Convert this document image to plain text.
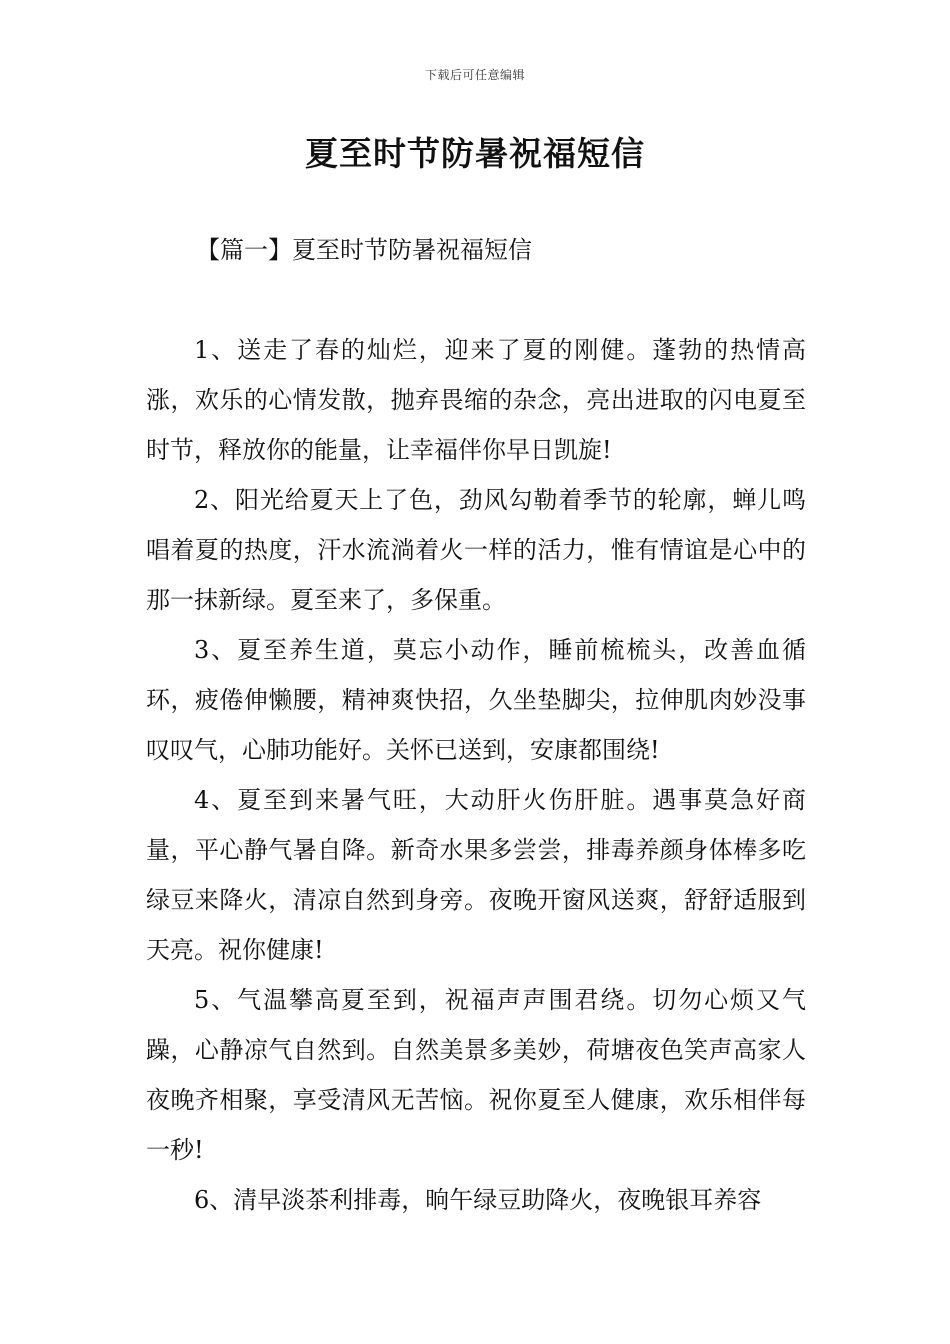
下载后可任意编辑
夏至时节防暑祝福短信
【篇一】夏至时节防暑祝福短信

1、送走了春的灿烂，迎来了夏的刚健。蓬勃的热情高涨，欢乐的心情发散，抛弃畏缩的杂念，亮出进取的闪电夏至时节，释放你的能量，让幸福伴你早日凯旋!

2、阳光给夏天上了色，劲风勾勒着季节的轮廓，蝉儿鸣唱着夏的热度，汗水流淌着火一样的活力，惟有情谊是心中的那一抹新绿。夏至来了，多保重。

3、夏至养生道，莫忘小动作，睡前梳梳头，改善血循环，疲倦伸懒腰，精神爽快招，久坐垫脚尖，拉伸肌肉妙没事叹叹气，心肺功能好。关怀已送到，安康都围绕!

4、夏至到来暑气旺，大动肝火伤肝脏。遇事莫急好商量，平心静气暑自降。新奇水果多尝尝，排毒养颜身体棒多吃绿豆来降火，清凉自然到身旁。夜晚开窗风送爽，舒舒适服到天亮。祝你健康!

5、气温攀高夏至到，祝福声声围君绕。切勿心烦又气躁，心静凉气自然到。自然美景多美妙，荷塘夜色笑声高家人夜晚齐相聚，享受清风无苦恼。祝你夏至人健康，欢乐相伴每一秒!

6、清早淡茶利排毒，晌午绿豆助降火，夜晚银耳养容
